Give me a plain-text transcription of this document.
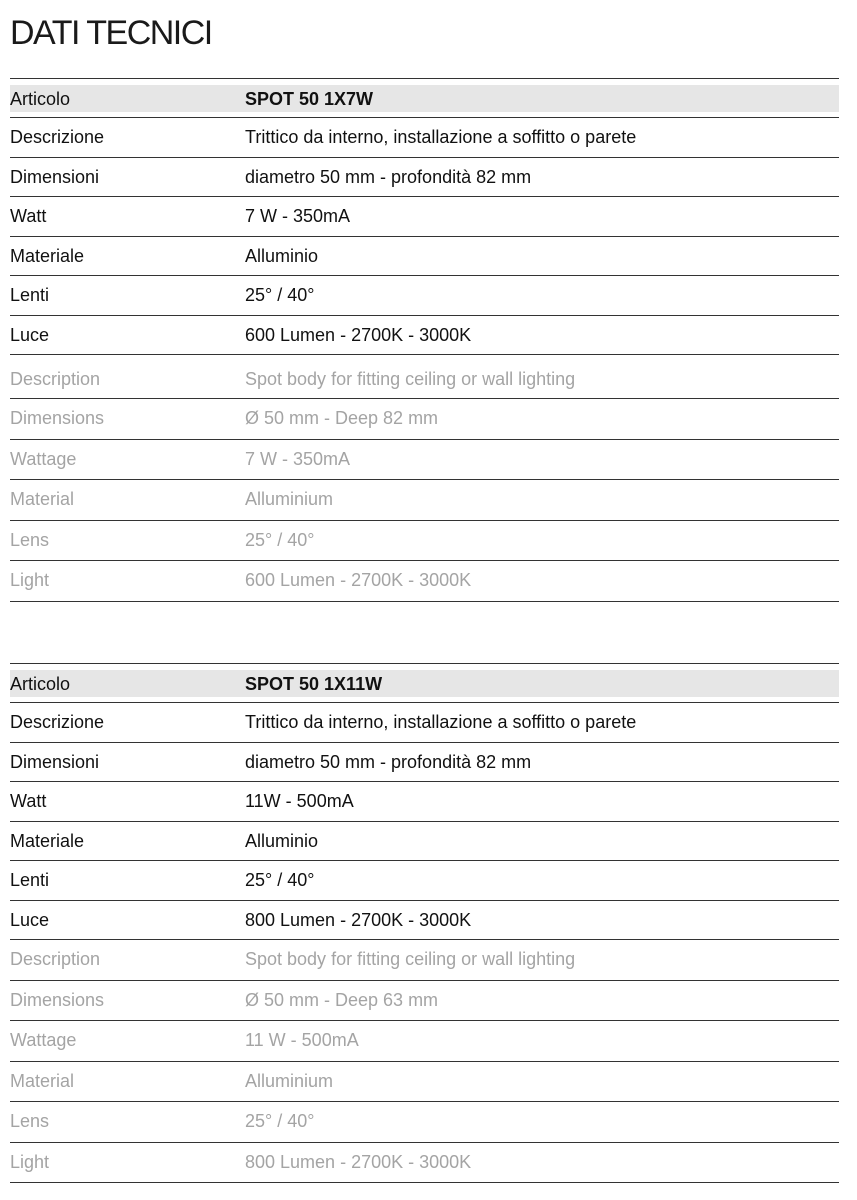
DATI TECNICI
Articolo	SPOT 50 1X7W
Descrizione	Trittico da interno, installazione a soffitto o parete
Dimensioni	diametro 50 mm - profondità 82 mm
Watt	7 W - 350mA
Materiale	Alluminio
Lenti	25° / 40°
Luce	600 Lumen - 2700K - 3000K
Description	Spot body for fitting ceiling or wall lighting
Dimensions	Ø 50 mm - Deep 82 mm
Wattage	7 W - 350mA
Material	Alluminium
Lens	25° / 40°
Light	600 Lumen - 2700K - 3000K
Articolo	SPOT 50 1X11W
Descrizione	Trittico da interno, installazione a soffitto o parete
Dimensioni	diametro 50 mm - profondità 82 mm
Watt	11W - 500mA
Materiale	Alluminio
Lenti	25° / 40°
Luce	800 Lumen - 2700K - 3000K
Description	Spot body for fitting ceiling or wall lighting
Dimensions	Ø 50 mm - Deep 63 mm
Wattage	11 W - 500mA
Material	Alluminium
Lens	25° / 40°
Light	800 Lumen - 2700K - 3000K
